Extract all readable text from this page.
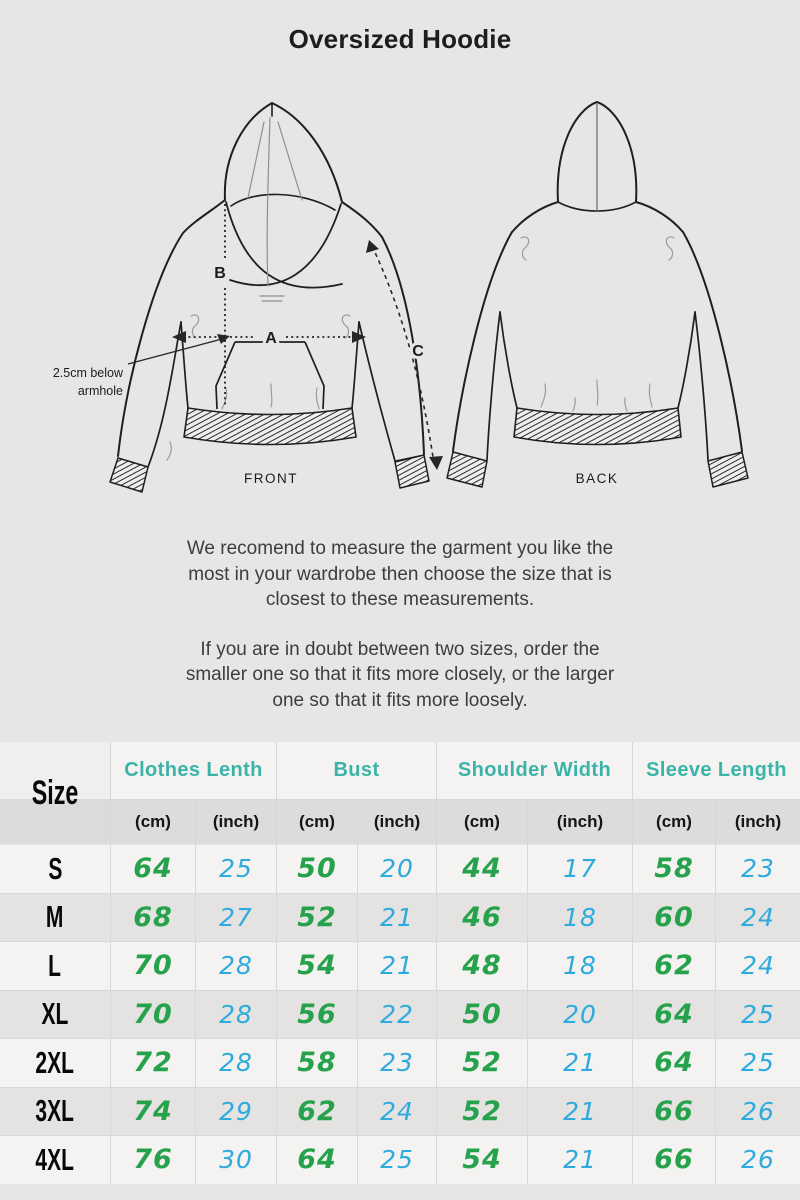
Oversized Hoodie
B
A
C
2.5cm below
armhole
FRONT	BACK

We recomend to measure the garment you like the most in your wardrobe then choose the size that is closest to these measurements.

If you are in doubt between two sizes, order the smaller one so that it fits more closely, or the larger one so that it fits more loosely.

Size
Clothes Lenth	Bust	Shoulder Width	Sleeve Length
(cm)	(inch)	(cm)	(inch)	(cm)	(inch)	(cm)	(inch)
S	64	25	50	20	44	17	58	23
M	68	27	52	21	46	18	60	24
L	70	28	54	21	48	18	62	24
XL	70	28	56	22	50	20	64	25
2XL	72	28	58	23	52	21	64	25
3XL	74	29	62	24	52	21	66	26
4XL	76	30	64	25	54	21	66	26
